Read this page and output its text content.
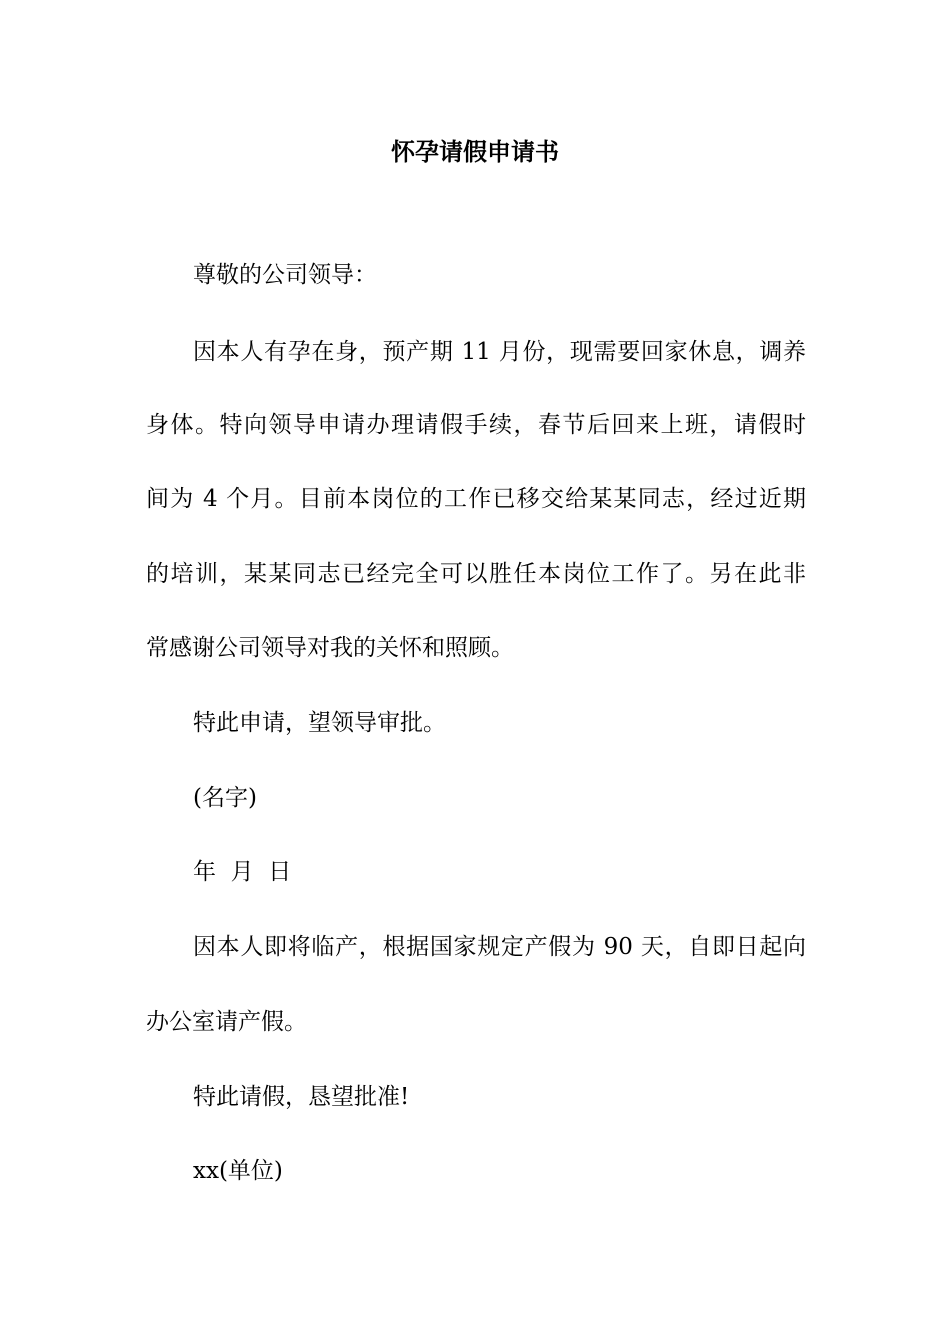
怀孕请假申请书
尊敬的公司领导：
因本人有孕在身，预产期 11 月份，现需要回家休息，调养
身体。特向领导申请办理请假手续，春节后回来上班，请假时
间为 4 个月。目前本岗位的工作已移交给某某同志，经过近期
的培训，某某同志已经完全可以胜任本岗位工作了。另在此非
常感谢公司领导对我的关怀和照顾。
特此申请，望领导审批。
(名字)
年  月  日
因本人即将临产，根据国家规定产假为 90 天，自即日起向
办公室请产假。
特此请假，恳望批准!
xx(单位)
